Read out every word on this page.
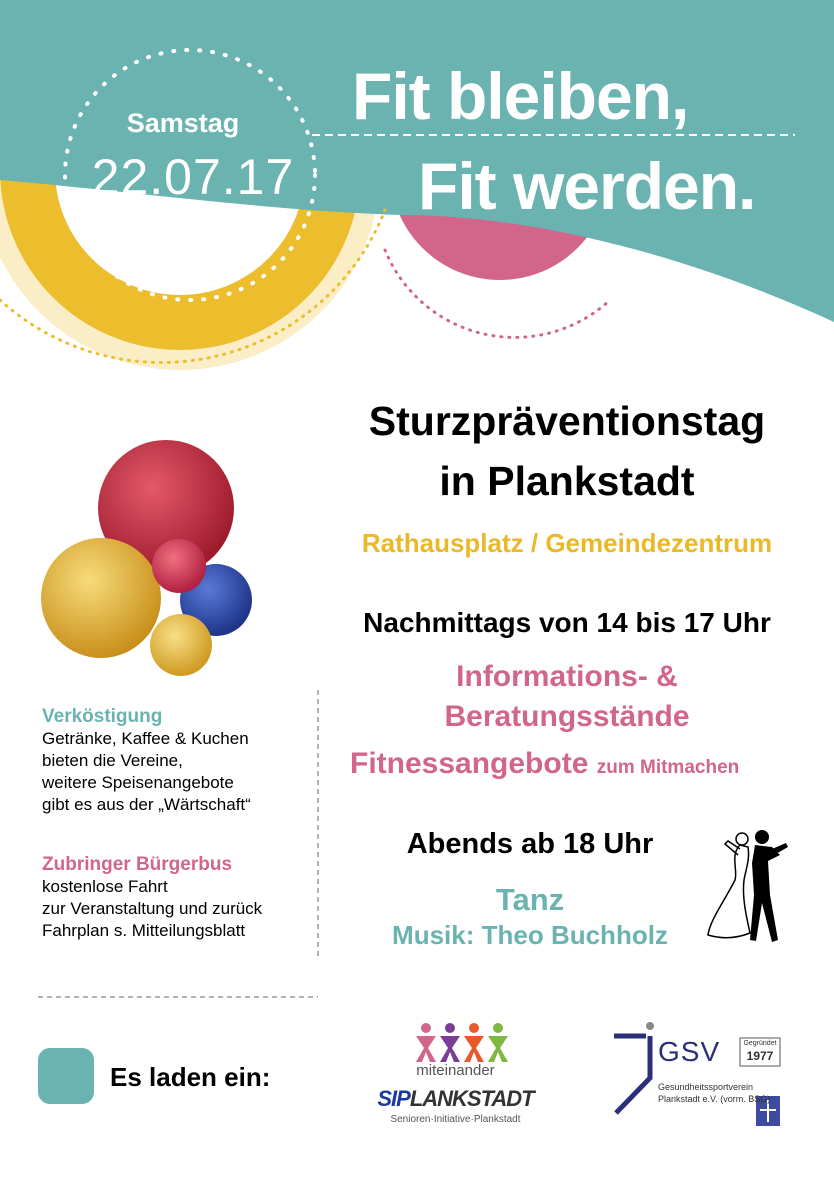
Samstag
22.07.17
Fit bleiben,
Fit werden.
Sturzpräventionstag
in Plankstadt
Rathausplatz / Gemeindezentrum
Nachmittags von 14 bis 17 Uhr
Informations- &
Beratungsstände
Fitnessangebote zum Mitmachen
Abends ab 18 Uhr
Tanz
Musik: Theo Buchholz

Verköstigung

Getränke, Kaffee & Kuchen

bieten die Vereine,

weitere Speisenangebote

gibt es aus der „Wärtschaft“

Zubringer Bürgerbus

kostenlose Fahrt

zur Veranstaltung und zurück

Fahrplan s. Mitteilungsblatt

Es laden ein:	miteinander
SIPLANKSTADT
Senioren·Initiative·Plankstadt
GSV	Gegründet
1977
Gesundheitssportverein
Plankstadt e.V. (vorm. BSG)
